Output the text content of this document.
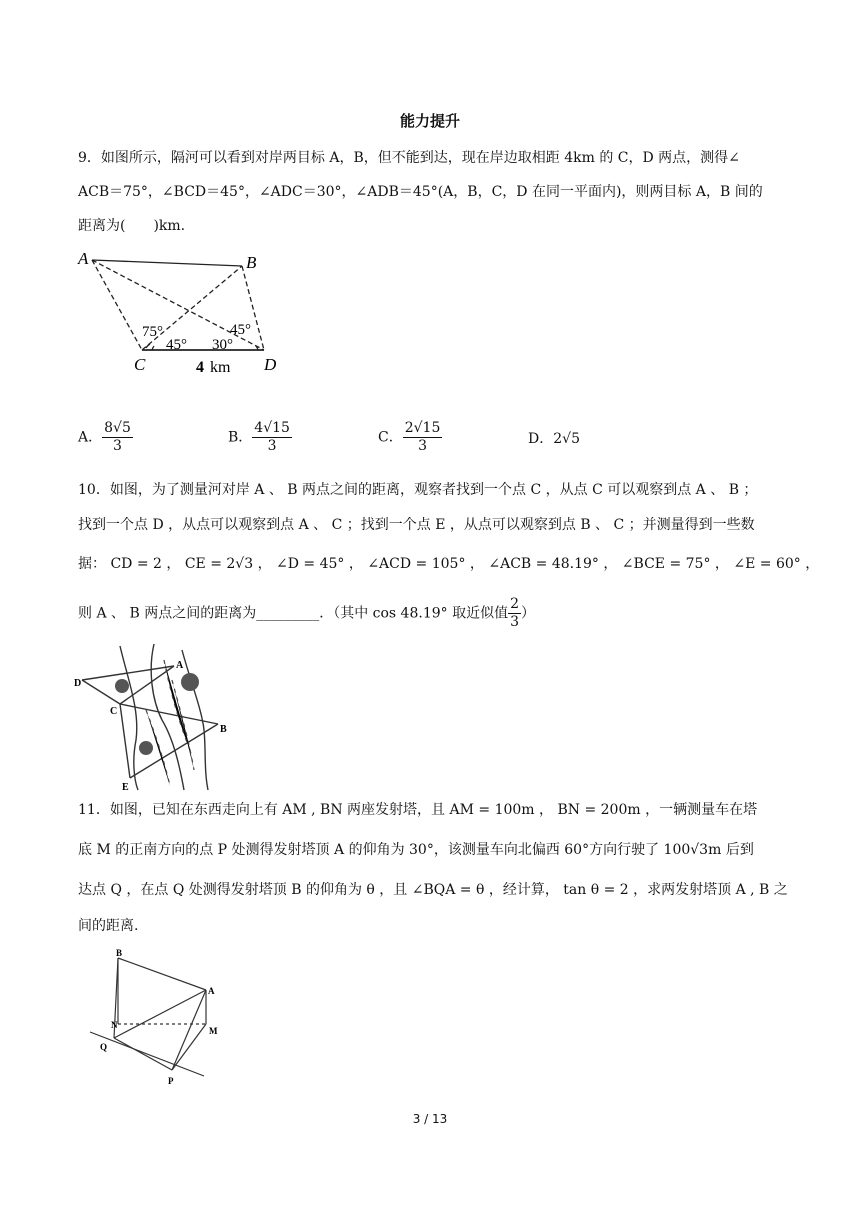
能力提升
9．如图所示，隔河可以看到对岸两目标 A，B，但不能到达，现在岸边取相距 4km 的 C，D 两点，测得∠
ACB＝75°，∠BCD＝45°，∠ADC＝30°，∠ADB＝45°(A，B，C，D 在同一平面内)，则两目标 A，B 间的
距离为(　　)km.
A	B
C	D
75°
45° 30°
45°
4 km
A． $\frac{8√5}{3}$	B． $\frac{4√15}{3}$	C． $\frac{2√15}{3}$	D．2√5
10．如图，为了测量河对岸 A 、 B 两点之间的距离，观察者找到一个点 C ，从点 C 可以观察到点 A 、 B ；
找到一个点 D ，从点可以观察到点 A 、 C ；找到一个点 E ，从点可以观察到点 B 、 C ；并测量得到一些数
据： CD = 2 ， CE = 2√3 ， ∠D = 45° ， ∠ACD = 105° ， ∠ACB = 48.19° ， ∠BCE = 75° ， ∠E = 60° ，
则 A 、 B 两点之间的距离为_________．（其中 cos 48.19° 取近似值 $\frac{2}{3}$ ）
A
B
C
D
E
11．如图，已知在东西走向上有 AM , BN 两座发射塔，且 AM = 100m ， BN = 200m ，一辆测量车在塔
底 M 的正南方向的点 P 处测得发射塔顶 A 的仰角为 30°，该测量车向北偏西 60°方向行驶了 100√3m 后到
达点 Q ，在点 Q 处测得发射塔顶 B 的仰角为 θ ，且 ∠BQA = θ ，经计算， tan θ = 2 ，求两发射塔顶 A , B 之
间的距离.
B
A
M
N
Q
P
3 / 13
